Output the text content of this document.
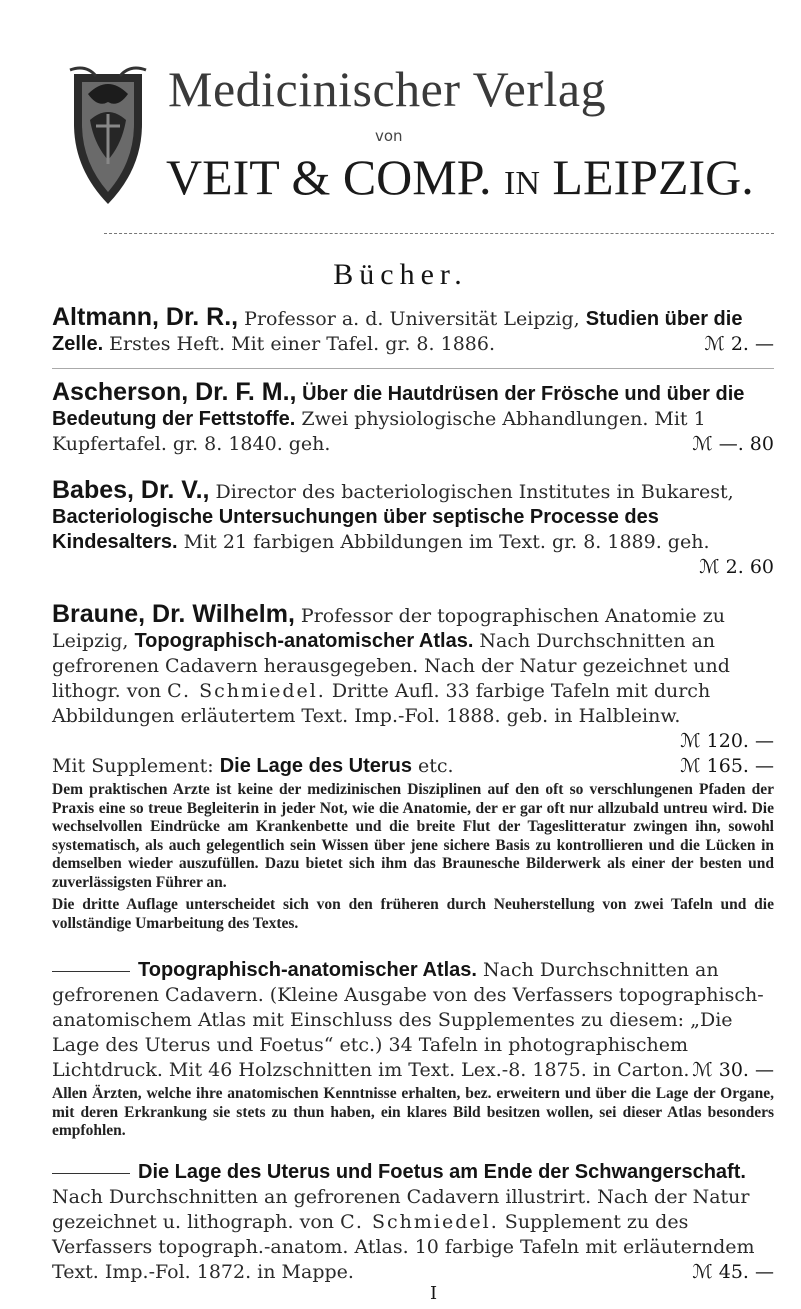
Medicinischer Verlag
von
VEIT & COMP. IN LEIPZIG.
Bücher.

Altmann, Dr. R., Professor a. d. Universität Leipzig, Studien über die Zelle. Erstes Heft. Mit einer Tafel. gr. 8. 1886.	ℳ 2. —

Ascherson, Dr. F. M., Über die Hautdrüsen der Frösche und über die Bedeutung der Fettstoffe. Zwei physiologische Abhandlungen. Mit 1 Kupfertafel. gr. 8. 1840. geh.	ℳ —. 80

Babes, Dr. V., Director des bacteriologischen Institutes in Bukarest, Bacteriologische Untersuchungen über septische Processe des Kindesalters. Mit 21 farbigen Abbildungen im Text. gr. 8. 1889. geh.
ℳ 2. 60

Braune, Dr. Wilhelm, Professor der topographischen Anatomie zu Leipzig, Topographisch-anatomischer Atlas. Nach Durchschnitten an gefrorenen Cadavern herausgegeben. Nach der Natur gezeichnet und lithogr. von C. Schmiedel. Dritte Aufl. 33 farbige Tafeln mit durch Abbildungen erläutertem Text. Imp.-Fol. 1888. geb. in Halbleinw.
ℳ 120. —

Mit Supplement: Die Lage des Uterus etc.	ℳ 165. —

Dem praktischen Arzte ist keine der medizinischen Disziplinen auf den oft so verschlungenen Pfaden der Praxis eine so treue Begleiterin in jeder Not, wie die Anatomie, der er gar oft nur allzubald untreu wird. Die wechselvollen Eindrücke am Krankenbette und die breite Flut der Tageslitteratur zwingen ihn, sowohl systematisch, als auch gelegentlich sein Wissen über jene sichere Basis zu kontrollieren und die Lücken in demselben wieder auszufüllen. Dazu bietet sich ihm das Braunesche Bilderwerk als einer der besten und zuverlässigsten Führer an.

Die dritte Auflage unterscheidet sich von den früheren durch Neuherstellung von zwei Tafeln und die vollständige Umarbeitung des Textes.

Topographisch-anatomischer Atlas. Nach Durchschnitten an gefrorenen Cadavern. (Kleine Ausgabe von des Verfassers topographisch-anatomischem Atlas mit Einschluss des Supplementes zu diesem: „Die Lage des Uterus und Foetus“ etc.) 34 Tafeln in photographischem Lichtdruck. Mit 46 Holzschnitten im Text. Lex.-8. 1875. in Carton. ℳ 30. —

Allen Ärzten, welche ihre anatomischen Kenntnisse erhalten, bez. erweitern und über die Lage der Organe, mit deren Erkrankung sie stets zu thun haben, ein klares Bild besitzen wollen, sei dieser Atlas besonders empfohlen.

Die Lage des Uterus und Foetus am Ende der Schwangerschaft. Nach Durchschnitten an gefrorenen Cadavern illustrirt. Nach der Natur gezeichnet u. lithograph. von C. Schmiedel. Supplement zu des Verfassers topograph.-anatom. Atlas. 10 farbige Tafeln mit erläuterndem Text. Imp.-Fol. 1872. in Mappe.	ℳ 45. —

I
